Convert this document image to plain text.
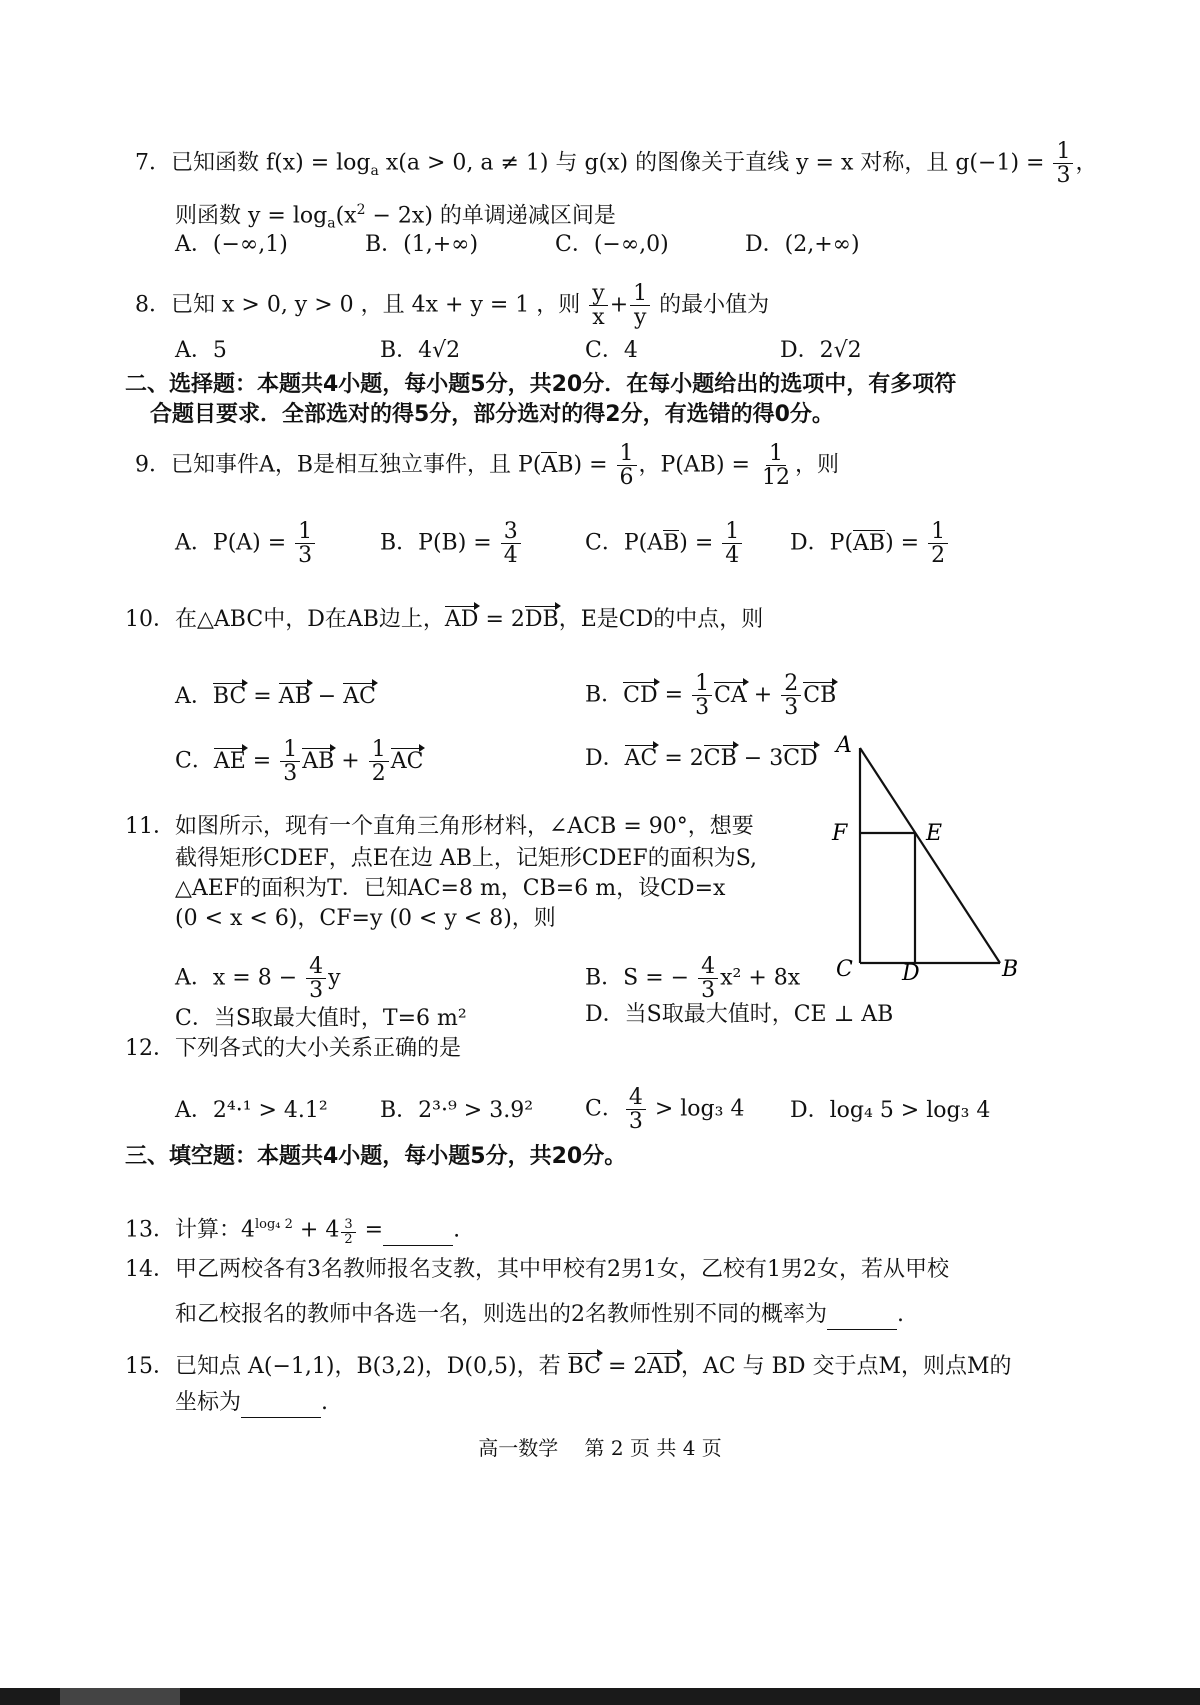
7．已知函数 $f(x) = \log_a x(a > 0$, a ≠ 1) 与 g(x) 的图像关于直线 y = x 对称，且 $g(-1) = \frac{1}{3}$ ，
则函数 $y = \log_a(x^2 - 2x)$ 的单调递减区间是
A．(−∞,1)	B．(1,+∞)	C．(−∞,0)	D．(2,+∞)
8．已知 x > 0, y > 0 ，且 4x + y = 1 ，则 $\frac{y}{x} + \frac{1}{y}$ 的最小值为
A．5	B．4√2	C．4	D．2√2
二、选择题：本题共4小题，每小题5分，共20分．在每小题给出的选项中，有多项符
合题目要求．全部选对的得5分，部分选对的得2分，有选错的得0分。
9．已知事件A，B是相互独立事件，且 $P(AB) = \frac{1}{6}$ ，$P(AB) = \frac{1}{12}$ ，则
A．$P(A) = \frac{1}{3}$	B．$P(B) = \frac{3}{4}$	C．$P(AB) = \frac{1}{4}$ D．$P(AB) = \frac{1}{2}$
10．在△ABC中，D在AB边上，AD = 2DB，E是CD的中点，则
A．BC = AB − AC	B．CD = $\frac{1}{3}$ CA + $\frac{2}{3}$ CB
C．AE = $\frac{1}{3}$ AB + $\frac{1}{2}$ AC	D．AC = 2CB − 3CD
11．如图所示，现有一个直角三角形材料，∠ACB = 90°，想要
截得矩形CDEF，点E在边 AB上，记矩形CDEF的面积为S,
△AEF的面积为T．已知AC=8 m，CB=6 m，设CD=x
(0 < x < 6)，CF=y (0 < y < 8)，则
A．$x = 8 - \frac{4}{3}$ y	B．S = − $\frac{4}{3} x^2 + 8x$
C．当S取最大值时，T=6 m²	D．当S取最大值时，CE ⊥ AB
A
F	E
C D	B
12．下列各式的大小关系正确的是
A．2⁴·¹ > 4.1² B．2³·⁹ > 3.9² C． $\frac{4}{3} > \log_3$ 4 D．log₄ 5 > log₃ 4
三、填空题：本题共4小题，每小题5分，共20分。
13．计算：$4^{log_4 2} + 4 \frac{3}{2}$ =	.
14．甲乙两校各有3名教师报名支教，其中甲校有2男1女，乙校有1男2女，若从甲校
和乙校报名的教师中各选一名，则选出的2名教师性别不同的概率为	.
15．已知点 A(−1,1)，B(3,2)，D(0,5)，若 BC = 2AD，AC 与 BD 交于点M，则点M的
坐标为	.
高一数学　 第 2 页 共 4 页
